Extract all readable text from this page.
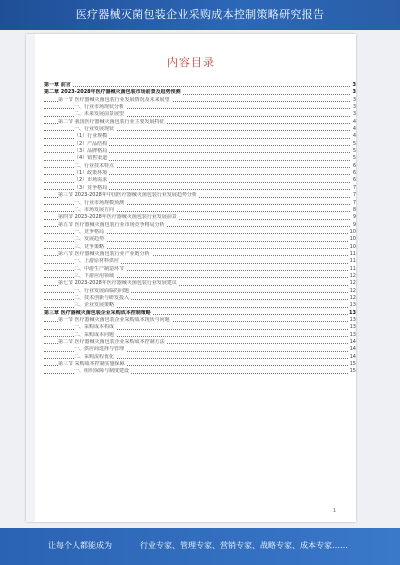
医疗器械灭菌包装企业采购成本控制策略研究报告
内容目录
第一章 前言	3
第二章 2023-2028年医疗器械灭菌包装市场前景及趋势预测	3
第一节 医疗器械灭菌包装行业发展情况及未来展望	3
一、行业市场现状分析	3
二、未来发展前景展望	3
第二节 我国医疗器械灭菌包装行业主要发展特征	4
一、行业发展现状	4
（1）行业规模	4
（2）产品结构	5
（3）品牌格局	5
（4）销售渠道	5
二、行业技术特点	6
（1）政策环境	6
（2）市场需求	6
（3）竞争格局	7
第三节 2023-2028年中国医疗器械灭菌包装行业发展趋势分析	7
一、行业市场规模预测	7
二、市场发展方向	8
第四节 2023-2028年医疗器械灭菌包装行业发展前景	9
第五节 医疗器械灭菌包装行业市场竞争格局分析	9
一、竞争格局	10
二、发展趋势	10
三、竞争策略	10
第六节 医疗器械灭菌包装行业产业链分析	11
一、上游原材料供应	11
二、中游生产制造环节	11
三、下游应用领域	12
第七节 2023-2028年医疗器械灭菌包装行业发展建议	12
一、行业发展面临的问题	12
二、技术创新与研发投入	12
三、企业发展策略	13
第三章 医疗器械灭菌包装企业采购成本控制策略	13
第一节 医疗器械灭菌包装企业采购成本现状与问题	13
一、采购成本构成	13
二、采购成本问题	13
第二节 医疗器械灭菌包装企业采购成本控制方法	14
一、供应商选择与管理	14
二、采购流程优化	14
第三节 采购成本控制实施保障	15
一、组织保障与制度建设	15
1
让每个人都能成为	行业专家、管理专家、营销专家、战略专家、成本专家……
